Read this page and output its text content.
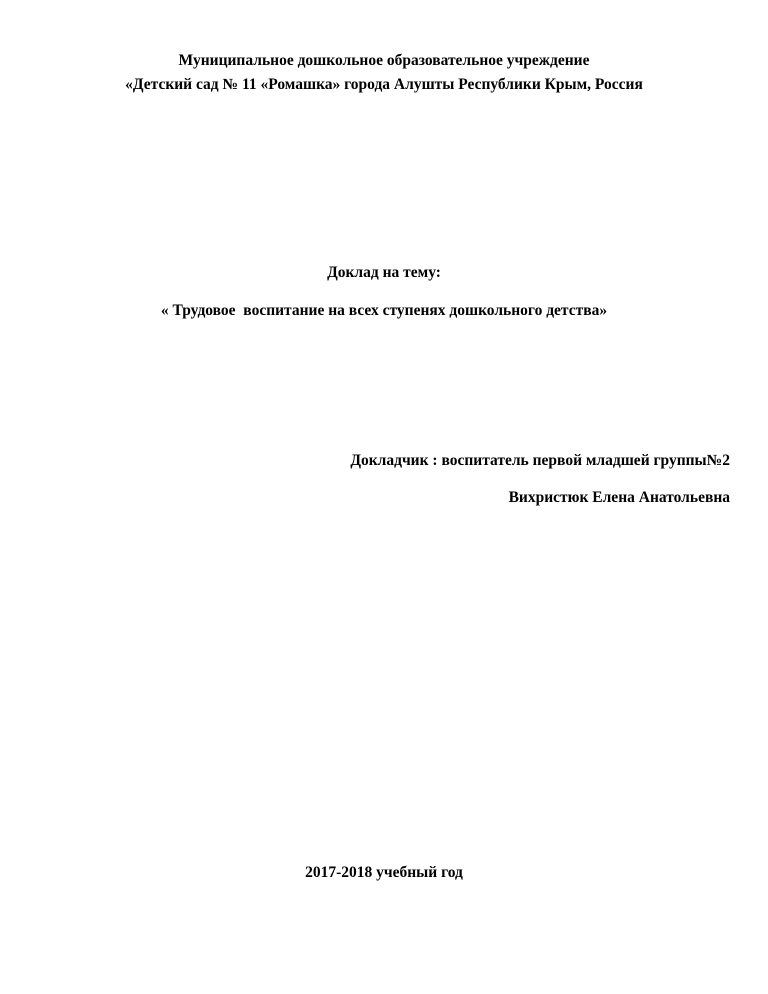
Муниципальное дошкольное образовательное учреждение
«Детский сад № 11 «Ромашка» города Алушты Республики Крым, Россия
Доклад на тему:
« Трудовое  воспитание на всех ступенях дошкольного детства»
Докладчик : воспитатель первой младшей группы№2
Вихристюк Елена Анатольевна
2017-2018 учебный год
